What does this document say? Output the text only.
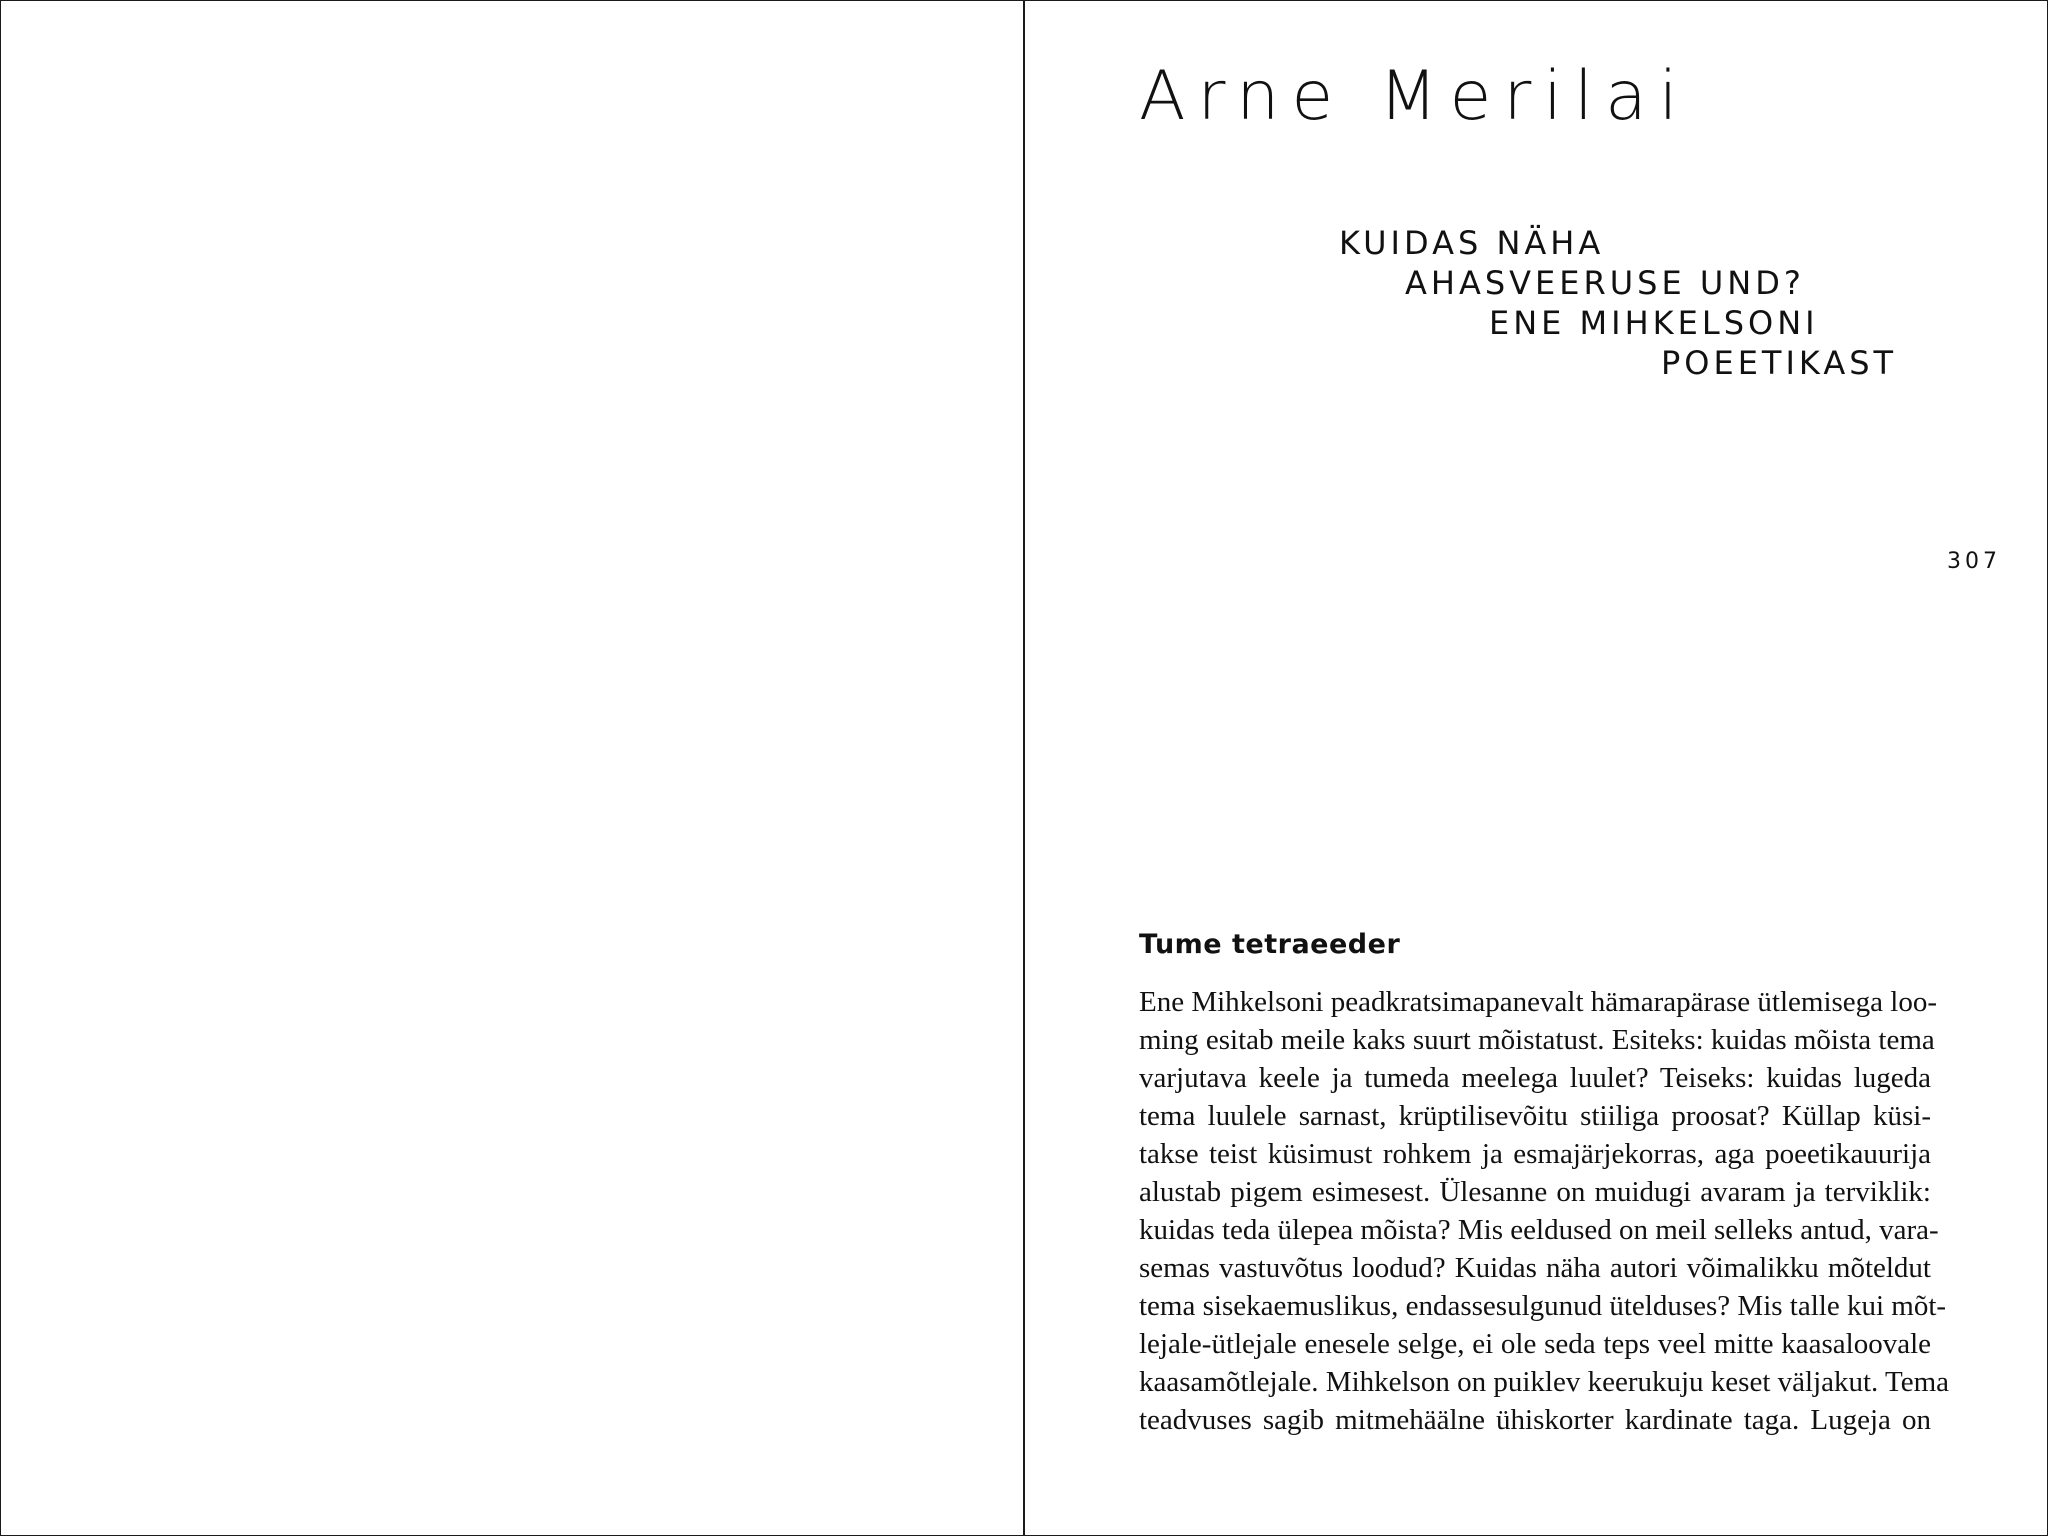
Arne Merilai
KUIDAS NÄHA
AHASVEERUSE UND?
ENE MIHKELSONI
POEETIKAST
307
Tume tetraeeder
Ene Mihkelsoni peadkratsimapanevalt hämarapärase ütlemisega loo-
ming esitab meile kaks suurt mõistatust. Esiteks: kuidas mõista tema
varjutava keele ja tumeda meelega luulet? Teiseks: kuidas lugeda
tema luulele sarnast, krüptilisevõitu stiiliga proosat? Küllap küsi-
takse teist küsimust rohkem ja esmajärjekorras, aga poeetikauurija
alustab pigem esimesest. Ülesanne on muidugi avaram ja terviklik:
kuidas teda ülepea mõista? Mis eeldused on meil selleks antud, vara-
semas vastuvõtus loodud? Kuidas näha autori võimalikku mõteldut
tema sisekaemuslikus, endassesulgunud ütelduses? Mis talle kui mõt-
lejale-ütlejale enesele selge, ei ole seda teps veel mitte kaasaloovale
kaasamõtlejale. Mihkelson on puiklev keerukuju keset väljakut. Tema
teadvuses sagib mitmehäälne ühiskorter kardinate taga. Lugeja on
